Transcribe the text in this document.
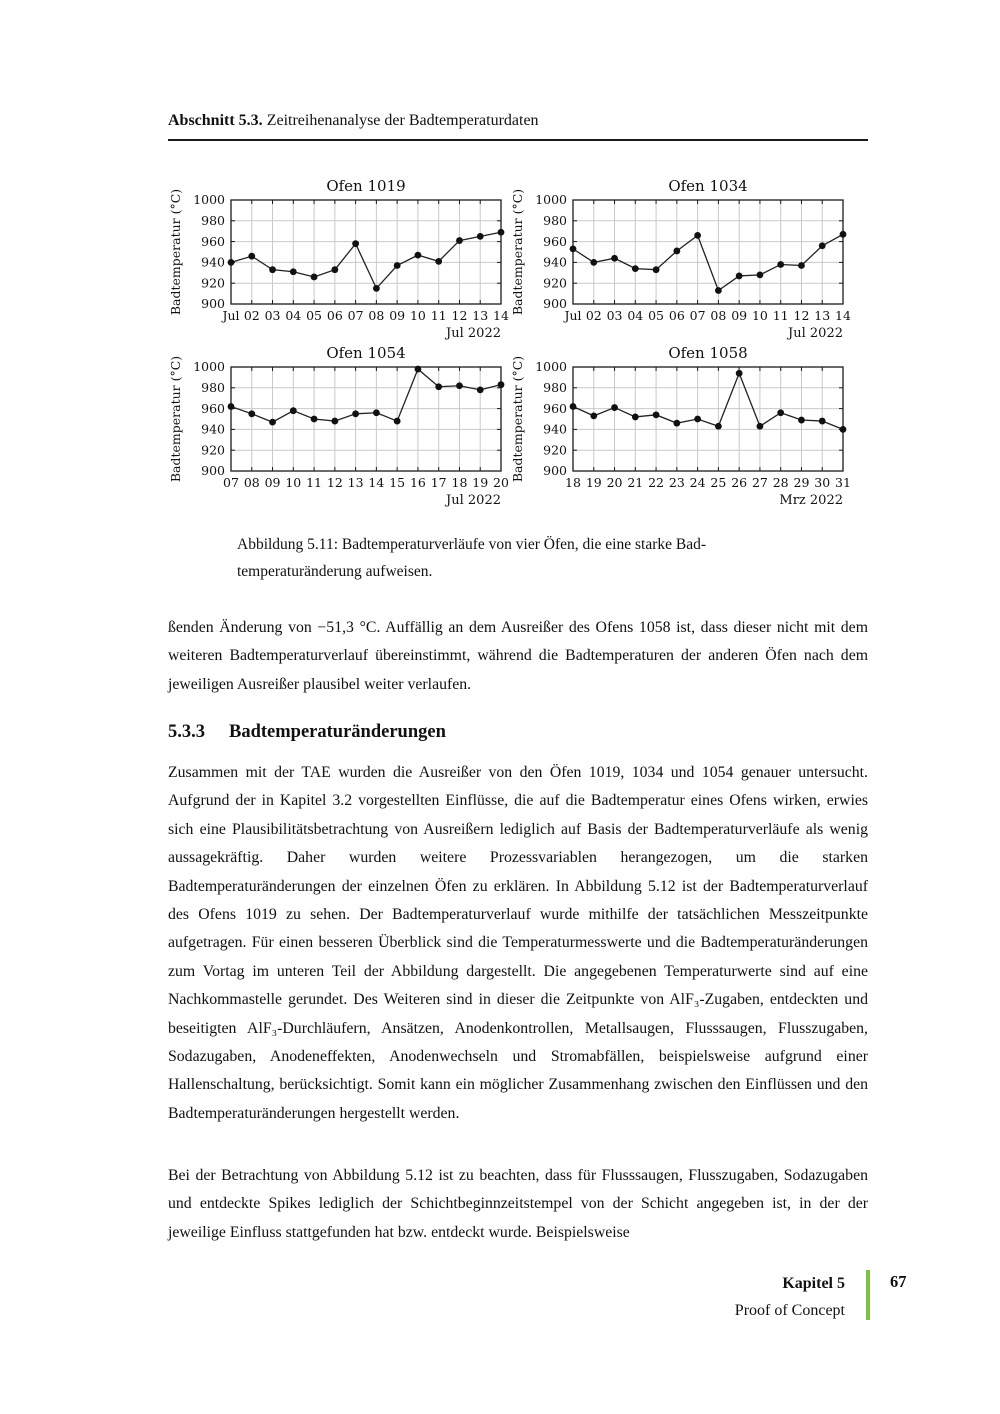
Abschnitt 5.3. Zeitreihenanalyse der Badtemperaturdaten
900
920
940
960
980
1000
Jul 02 03 04 05 06 07 08 09 10 11 12 13 14
Jul 2022
Badtemperatur (°C)
Ofen 1019
900
920
940
960
980
1000
Jul 02 03 04 05 06 07 08 09 10 11 12 13 14
Jul 2022
Badtemperatur (°C)
Ofen 1034
900
920
940
960
980
1000
07 08 09 10 11 12 13 14 15 16 17 18 19 20
Jul 2022
Badtemperatur (°C)
Ofen 1054
900
920
940
960
980
1000
18 19 20 21 22 23 24 25 26 27 28 29 30 31
Mrz 2022
Badtemperatur (°C)
Ofen 1058
Abbildung 5.11: Badtemperaturverläufe von vier Öfen, die eine starke Bad-
temperaturänderung aufweisen.
ßenden Änderung von −51,3 °C. Auffällig an dem Ausreißer des Ofens 1058 ist, dass dieser nicht mit dem weiteren Badtemperaturverlauf übereinstimmt, während die Badtemperaturen der anderen Öfen nach dem jeweiligen Ausreißer plausibel weiter verlaufen.
5.3.3 Badtemperaturänderungen
Zusammen mit der TAE wurden die Ausreißer von den Öfen 1019, 1034 und 1054 genauer untersucht. Aufgrund der in Kapitel 3.2 vorgestellten Einflüsse, die auf die Badtemperatur eines Ofens wirken, erwies sich eine Plausibilitätsbetrachtung von Ausreißern lediglich auf Basis der Badtemperaturverläufe als wenig aussagekräftig. Daher wurden weitere Prozessvariablen herangezogen, um die starken Badtemperaturänderungen der einzelnen Öfen zu erklären. In Abbildung 5.12 ist der Badtemperaturverlauf des Ofens 1019 zu sehen. Der Badtemperaturverlauf wurde mithilfe der tatsächlichen Messzeitpunkte aufgetragen. Für einen besseren Überblick sind die Temperaturmesswerte und die Badtemperaturänderungen zum Vortag im unteren Teil der Abbildung dargestellt. Die angegebenen Temperaturwerte sind auf eine Nachkommastelle gerundet. Des Weiteren sind in dieser die Zeitpunkte von AlF₃-Zugaben, entdeckten und beseitigten AlF₃-Durchläufern, Ansätzen, Anodenkontrollen, Metallsaugen, Flusssaugen, Flusszugaben, Sodazugaben, Anodeneffekten, Anodenwechseln und Stromabfällen, beispielsweise aufgrund einer Hallenschaltung, berücksichtigt. Somit kann ein möglicher Zusammenhang zwischen den Einflüssen und den Badtemperaturänderungen hergestellt werden.
Bei der Betrachtung von Abbildung 5.12 ist zu beachten, dass für Flusssaugen, Flusszugaben, Sodazugaben und entdeckte Spikes lediglich der Schichtbeginnzeitstempel von der Schicht angegeben ist, in der der jeweilige Einfluss stattgefunden hat bzw. entdeckt wurde. Beispielsweise
Kapitel 5
Proof of Concept
67
